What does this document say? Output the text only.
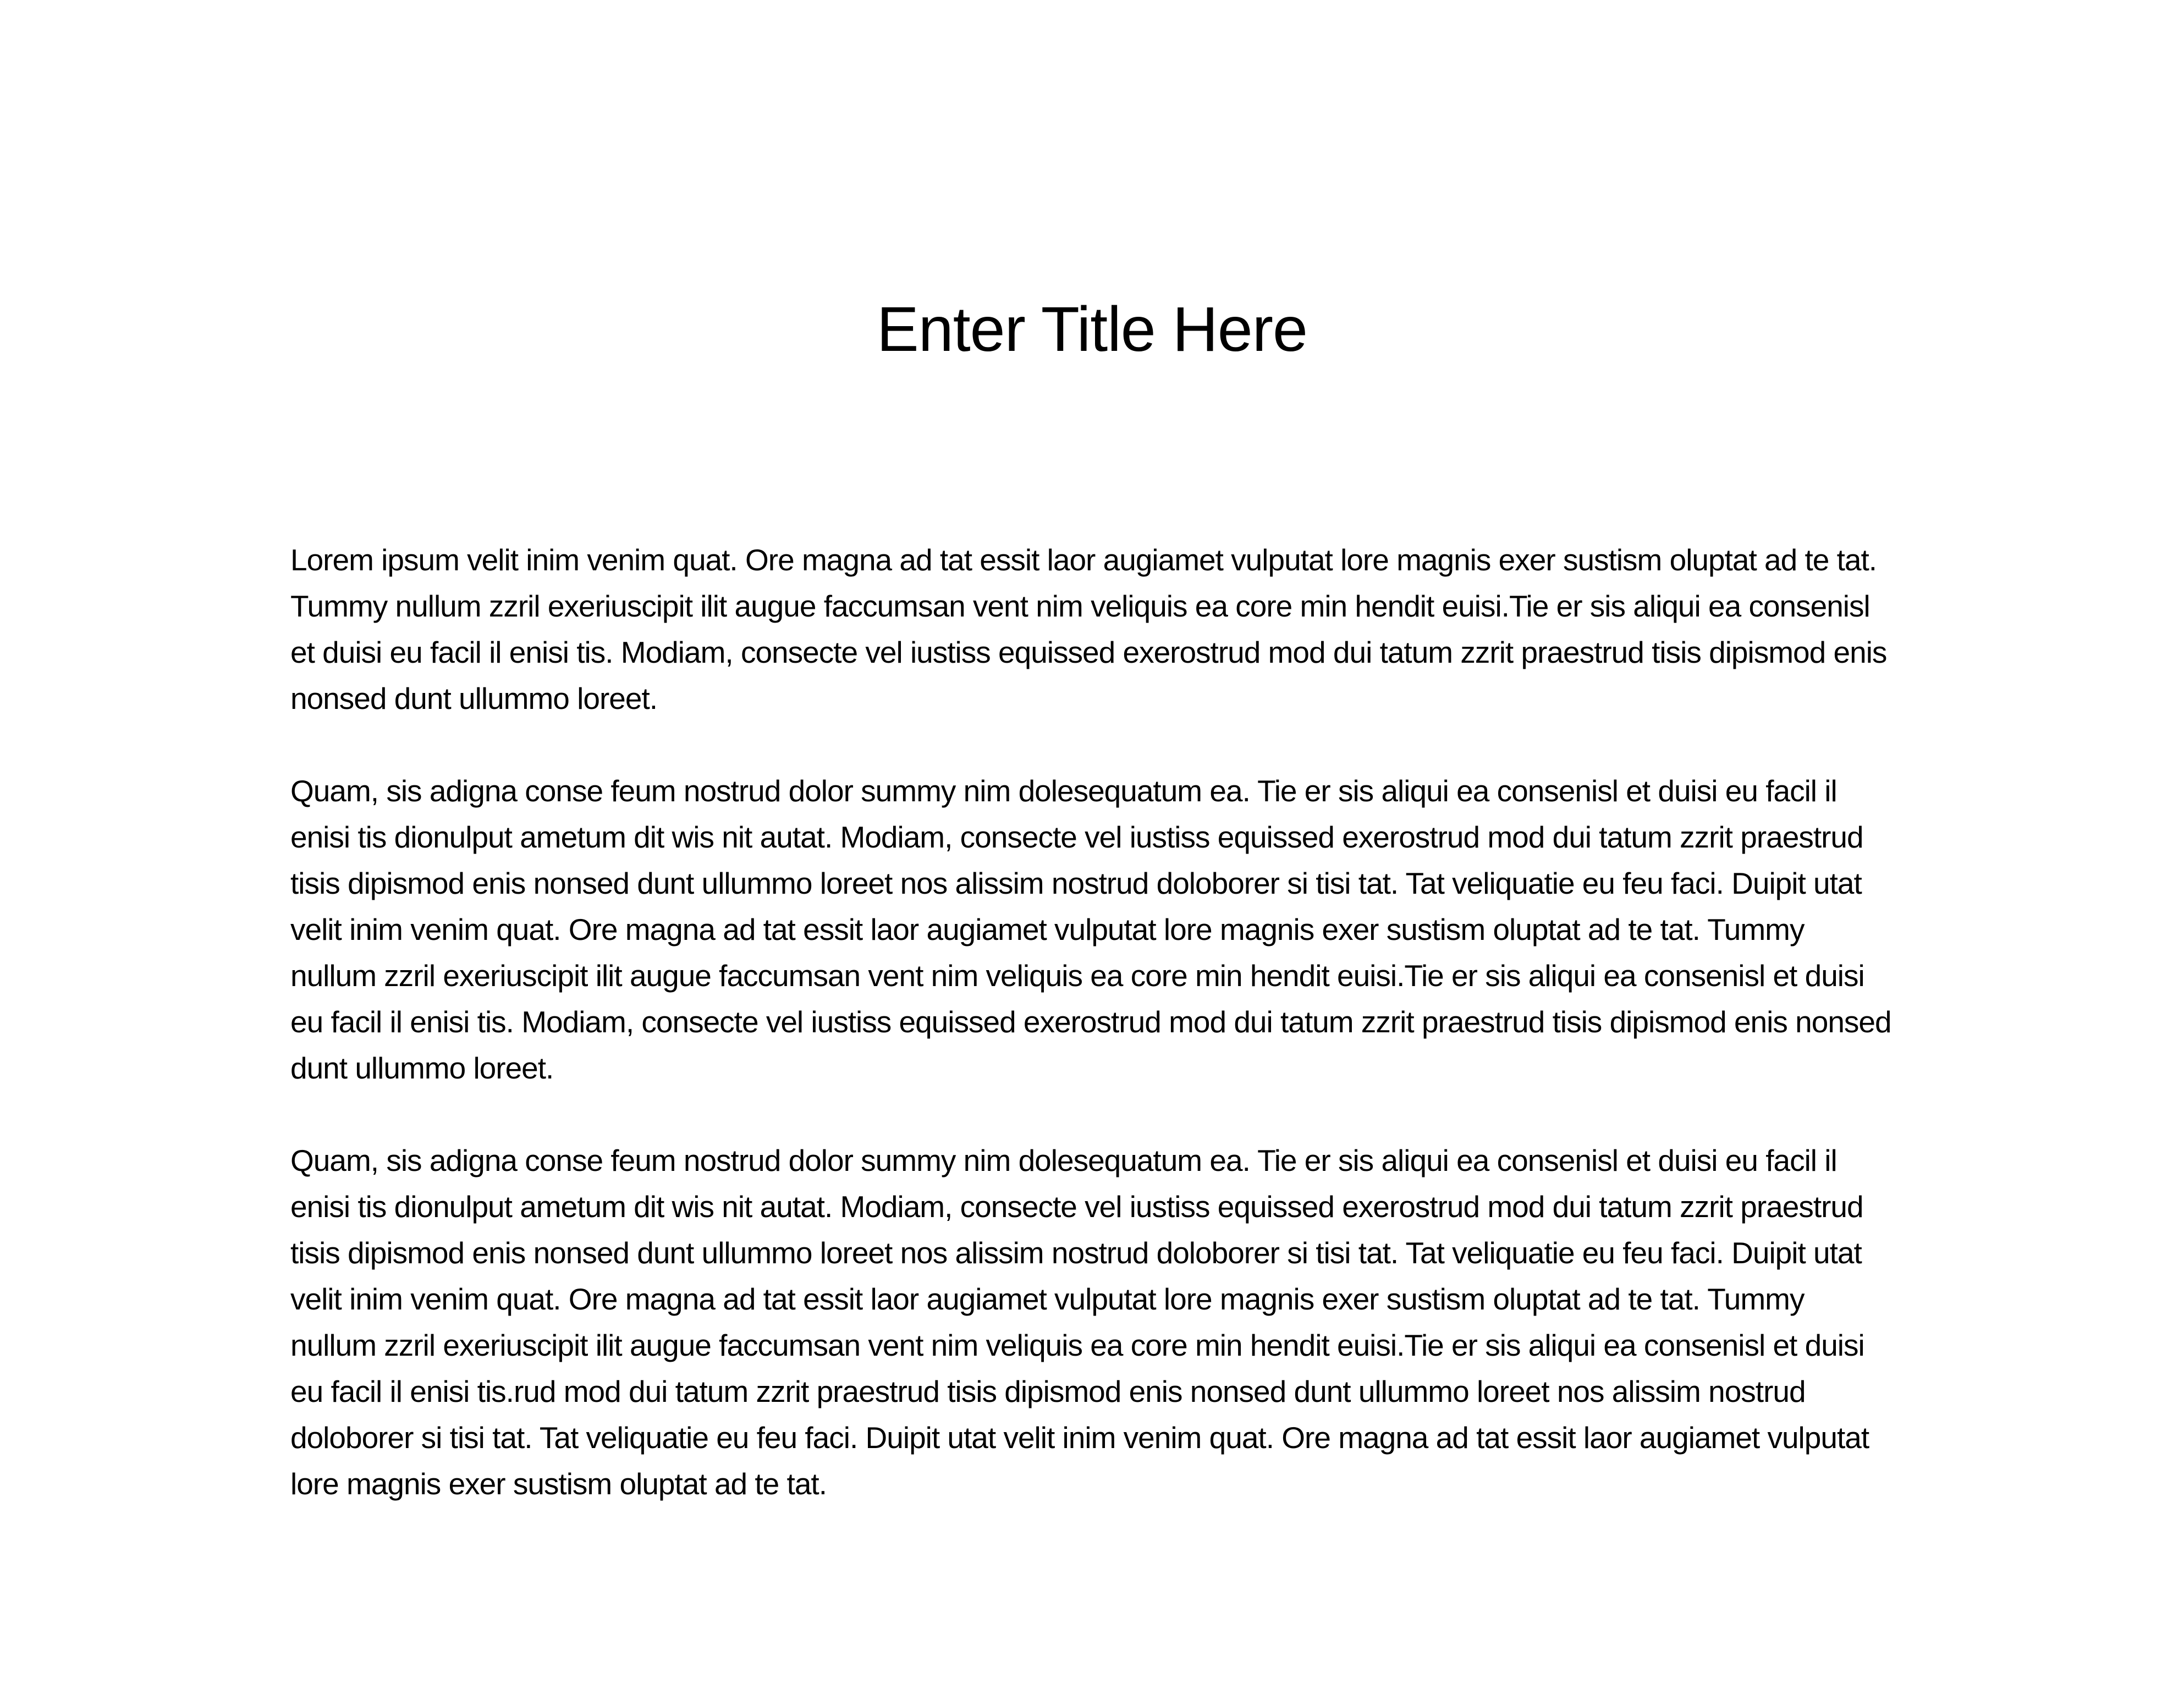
Enter Title Here

Lorem ipsum velit inim venim quat. Ore magna ad tat essit laor augiamet vulputat lore magnis exer sustism oluptat ad te tat. Tummy nullum zzril exeriuscipit ilit augue faccumsan vent nim veliquis ea core min hendit euisi.Tie er sis aliqui ea consenisl et duisi eu facil il enisi tis. Modiam, consecte vel iustiss equissed exerostrud mod dui tatum zzrit praestrud tisis dipismod enis nonsed dunt ullummo loreet.

Quam, sis adigna conse feum nostrud dolor summy nim dolesequatum ea. Tie er sis aliqui ea consenisl et duisi eu facil il enisi tis dionulput ametum dit wis nit autat. Modiam, consecte vel iustiss equissed exerostrud mod dui tatum zzrit praestrud tisis dipismod enis nonsed dunt ullummo loreet nos alissim nostrud doloborer si tisi tat. Tat veliquatie eu feu faci. Duipit utat velit inim venim quat. Ore magna ad tat essit laor augiamet vulputat lore magnis exer sustism oluptat ad te tat. Tummy nullum zzril exeriuscipit ilit augue faccumsan vent nim veliquis ea core min hendit euisi.Tie er sis aliqui ea consenisl et duisi eu facil il enisi tis. Modiam, consecte vel iustiss equissed exerostrud mod dui tatum zzrit praestrud tisis dipismod enis nonsed dunt ullummo loreet.

Quam, sis adigna conse feum nostrud dolor summy nim dolesequatum ea. Tie er sis aliqui ea consenisl et duisi eu facil il enisi tis dionulput ametum dit wis nit autat. Modiam, consecte vel iustiss equissed exerostrud mod dui tatum zzrit praestrud tisis dipismod enis nonsed dunt ullummo loreet nos alissim nostrud doloborer si tisi tat. Tat veliquatie eu feu faci. Duipit utat velit inim venim quat. Ore magna ad tat essit laor augiamet vulputat lore magnis exer sustism oluptat ad te tat. Tummy nullum zzril exeriuscipit ilit augue faccumsan vent nim veliquis ea core min hendit euisi.Tie er sis aliqui ea consenisl et duisi eu facil il enisi tis.rud mod dui tatum zzrit praestrud tisis dipismod enis nonsed dunt ullummo loreet nos alissim nostrud doloborer si tisi tat. Tat veliquatie eu feu faci. Duipit utat velit inim venim quat. Ore magna ad tat essit laor augiamet vulputat lore magnis exer sustism oluptat ad te tat.
